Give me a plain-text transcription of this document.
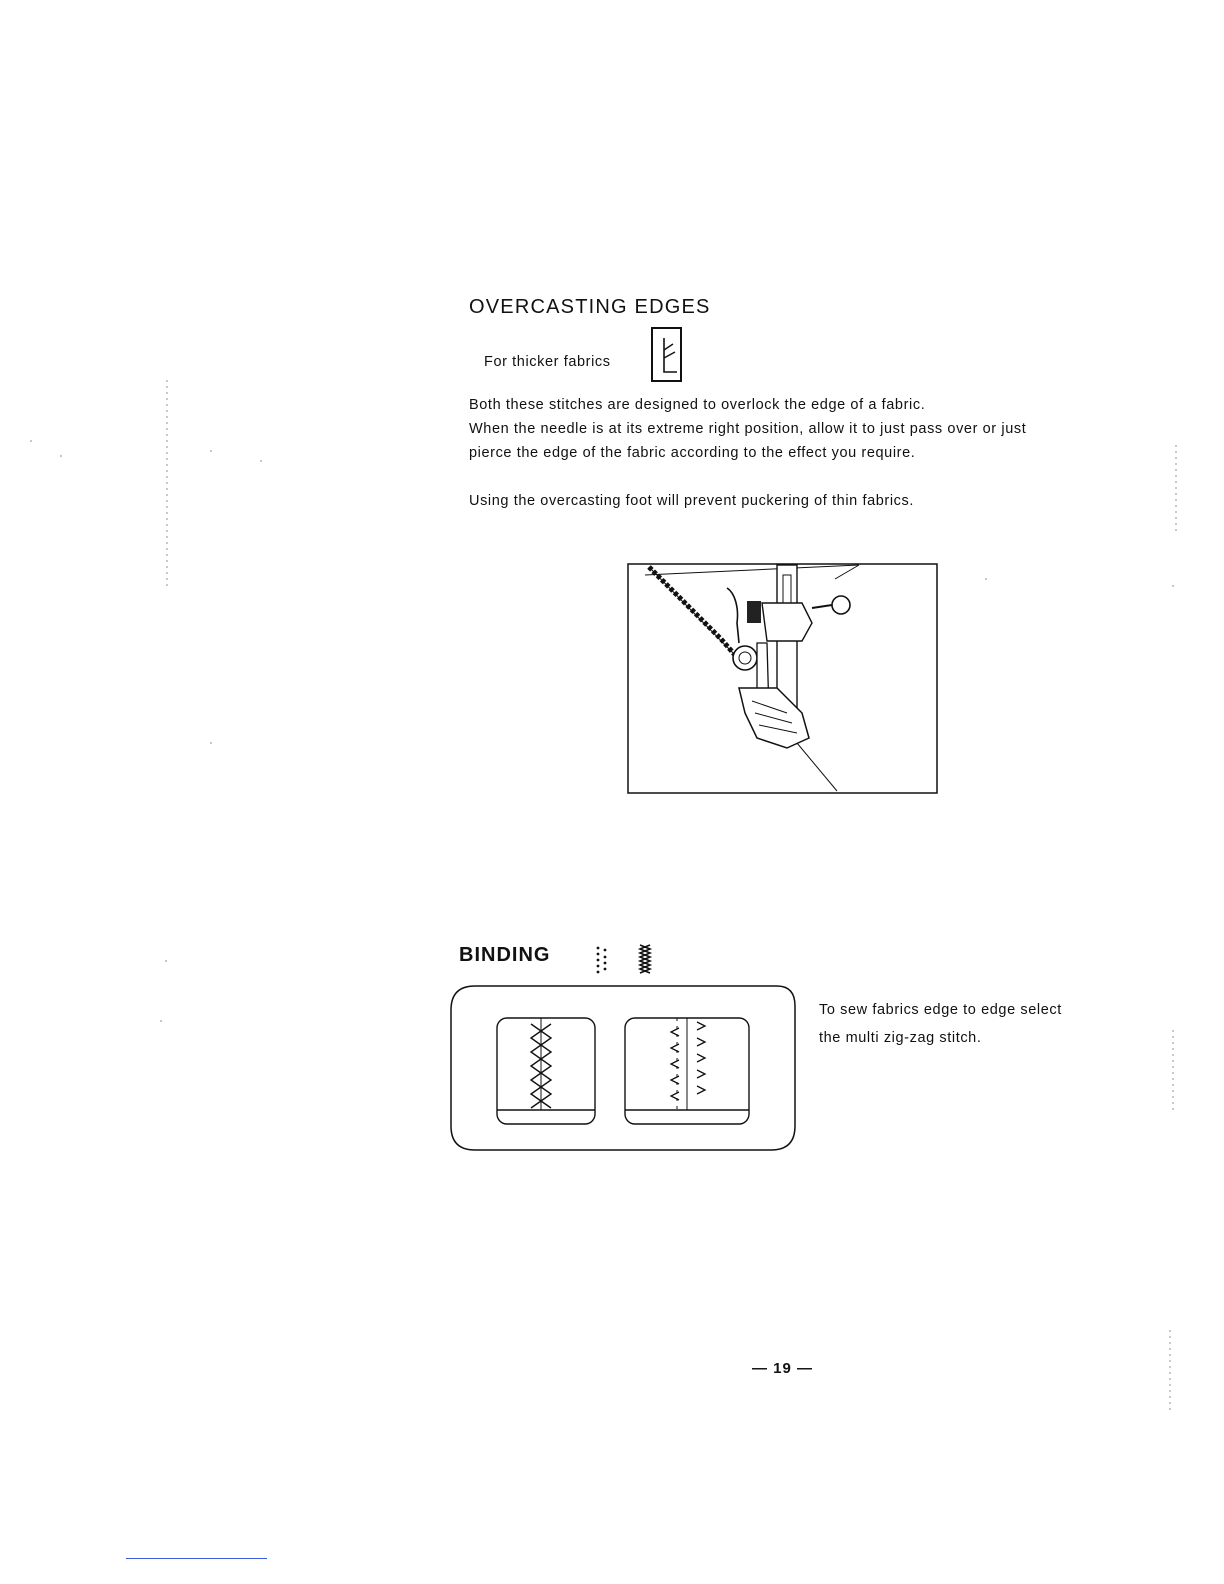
OVERCASTING EDGES
For thicker fabrics
Both these stitches are designed to overlock the edge of a fabric.
When the needle is at its extreme right position, allow it to just pass over or just
pierce the edge of the fabric according to the effect you require.
Using the overcasting foot will prevent puckering of thin fabrics.
BINDING
To sew fabrics edge to edge select
the multi zig-zag stitch.
— 19 —
